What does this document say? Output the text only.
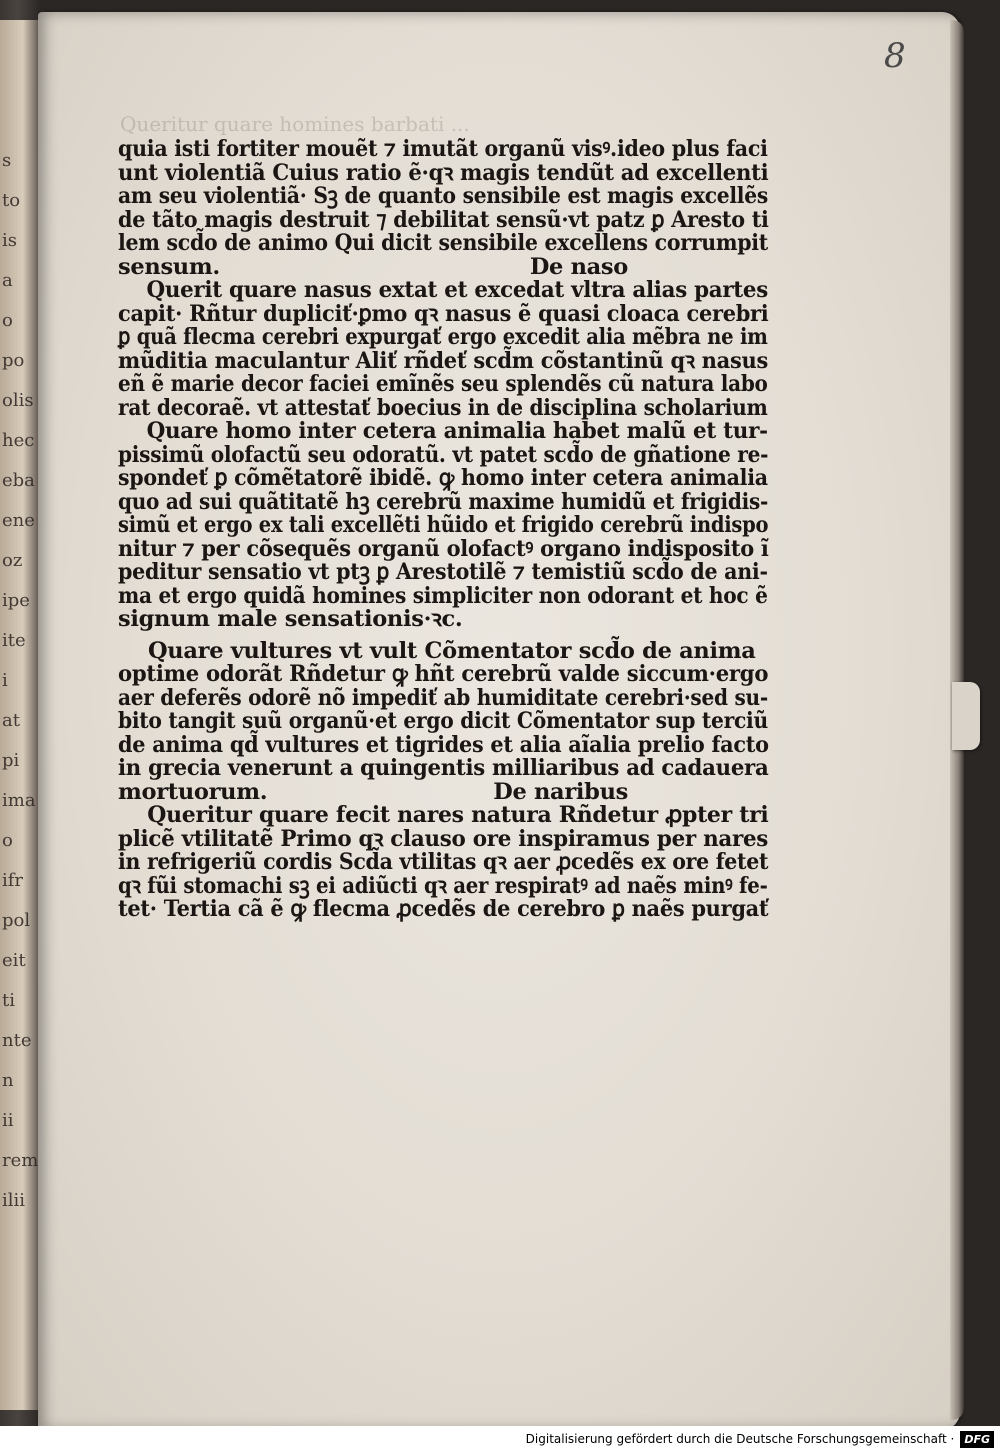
s
to
is
a
o
po
olis
hec
eba
ene
oz
ipe
ite
i
at
pi
ima
o
ifr
pol
eit
ti
nte
n
ii
rem
ilii
8
Queritur quare homines barbati ...
quia isti fortiter mouẽt ⁊ imutãt organũ visꝰ.ideo plus faci
unt violentiã Cuius ratio ẽ·qꝛ magis tendũt ad excellenti
am seu violentiã· Sꝫ de quanto sensibile est magis excellẽs
de tãto magis destruit ⁊ debilitat sensũ·vt patz ꝑ Aresto ti
lem scd̃o de animo Qui dicit sensibile excellens corrumpit
sensum.	De naso
Querit quare nasus extat et excedat vltra alias partes
capit· Rñtur dupliciť·ꝑmo qꝛ nasus ẽ quasi cloaca cerebri
ꝑ quã flecma cerebri expurgať ergo excedit alia mẽbra ne im
mũditia maculantur Aliť rñdeť scd̃m cõstantinũ qꝛ nasus
eñ ẽ marie decor faciei emĩnẽs seu splendẽs cũ natura labo
rat decoraẽ. vt attestať boecius in de disciplina scholarium
Quare homo inter cetera animalia habet malũ et tur-
pissimũ olofactũ seu odoratũ. vt patet scd̃o de gñatione re-
spondeť ꝑ cõmẽtatorẽ ibidẽ. ꝙ homo inter cetera animalia
quo ad sui quãtitatẽ hꝫ cerebrũ maxime humidũ et frigidis-
simũ et ergo ex tali excellẽti hũido et frigido cerebrũ indispo
nitur ⁊ per cõsequẽs organũ olofactꝰ organo indisposito ĩ
peditur sensatio vt ptꝫ ꝑ Arestotilẽ ⁊ temistiũ scd̃o de ani-
ma et ergo quidã homines simpliciter non odorant et hoc ẽ
signum male sensationis·ꝛc.
Quare vultures vt vult Cõmentator scd̃o de anima
optime odorãt Rñdetur ꝙ hñt cerebrũ valde siccum·ergo
aer deferẽs odorẽ nõ impediť ab humiditate cerebri·sed su-
bito tangit suũ organũ·et ergo dicit Cõmentator sup terciũ
de anima qd̃ vultures et tigrides et alia aĩalia prelio facto
in grecia venerunt a quingentis milliaribus ad cadauera
mortuorum.	De naribus
Queritur quare fecit nares natura Rñdetur ꝓpter tri
plicẽ vtilitatẽ Primo qꝛ clauso ore inspiramus per nares
in refrigeriũ cordis Scd̃a vtilitas qꝛ aer ꝓcedẽs ex ore fetet
qꝛ fũi stomachi sꝫ ei adiũcti qꝛ aer respiratꝰ ad naẽs minꝰ fe-
tet· Tertia cã ẽ ꝙ flecma ꝓcedẽs de cerebro ꝑ naẽs purgať
Digitalisierung gefördert durch die Deutsche Forschungsgemeinschaft · DFG
